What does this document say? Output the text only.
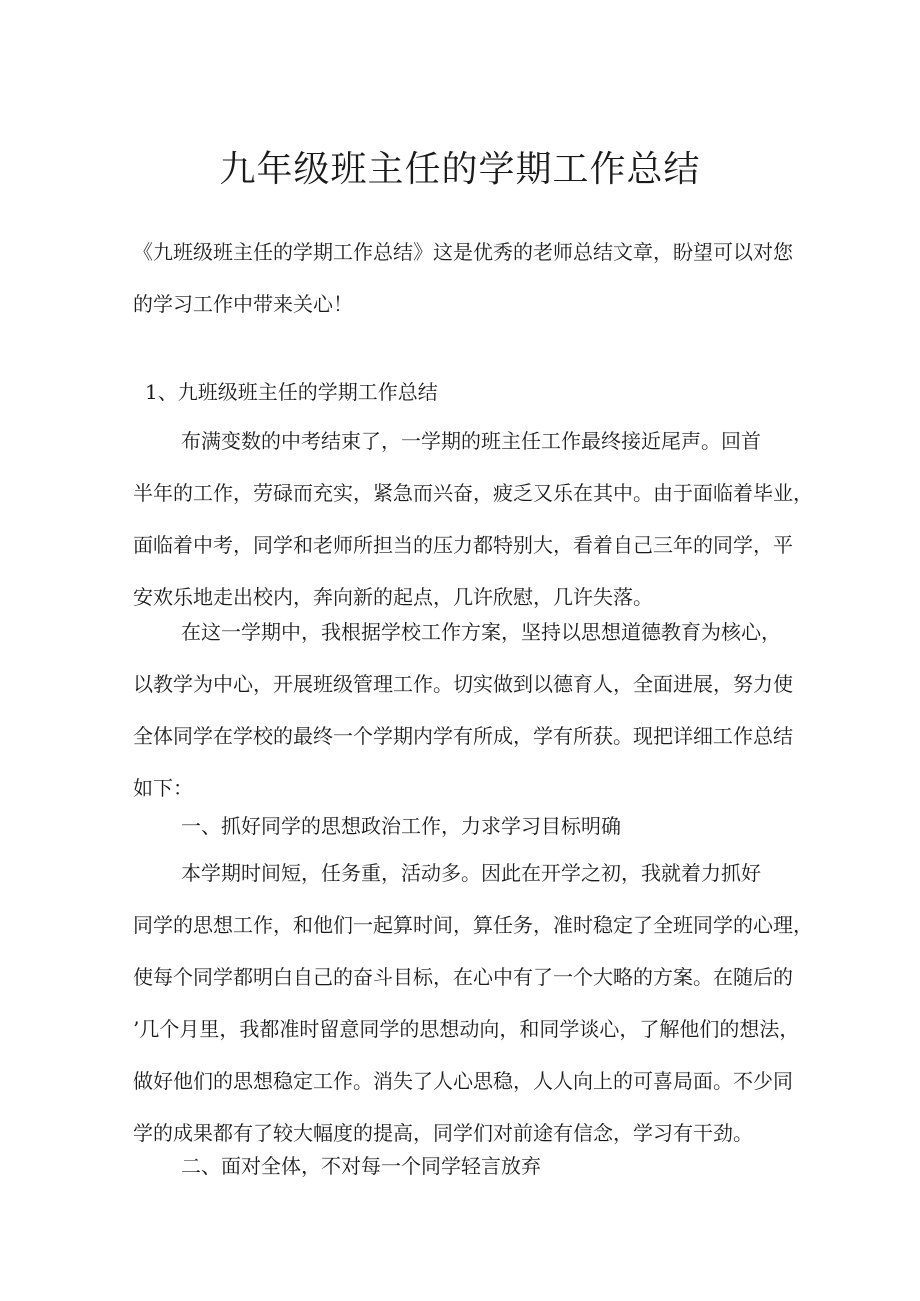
九年级班主任的学期工作总结
《九班级班主任的学期工作总结》这是优秀的老师总结文章，盼望可以对您
的学习工作中带来关心！
1、九班级班主任的学期工作总结
布满变数的中考结束了，一学期的班主任工作最终接近尾声。回首
半年的工作，劳碌而充实，紧急而兴奋，疲乏又乐在其中。由于面临着毕业，
面临着中考，同学和老师所担当的压力都特别大，看着自己三年的同学，平
安欢乐地走出校内，奔向新的起点，几许欣慰，几许失落。
在这一学期中，我根据学校工作方案，坚持以思想道德教育为核心，
以教学为中心，开展班级管理工作。切实做到以德育人，全面进展，努力使
全体同学在学校的最终一个学期内学有所成，学有所获。现把详细工作总结
如下：
一、抓好同学的思想政治工作，力求学习目标明确
本学期时间短，任务重，活动多。因此在开学之初，我就着力抓好
同学的思想工作，和他们一起算时间，算任务，准时稳定了全班同学的心理，
使每个同学都明白自己的奋斗目标，在心中有了一个大略的方案。在随后的
’几个月里，我都准时留意同学的思想动向，和同学谈心，了解他们的想法，
做好他们的思想稳定工作。消失了人心思稳，人人向上的可喜局面。不少同
学的成果都有了较大幅度的提高，同学们对前途有信念，学习有干劲。
二、面对全体，不对每一个同学轻言放弃
